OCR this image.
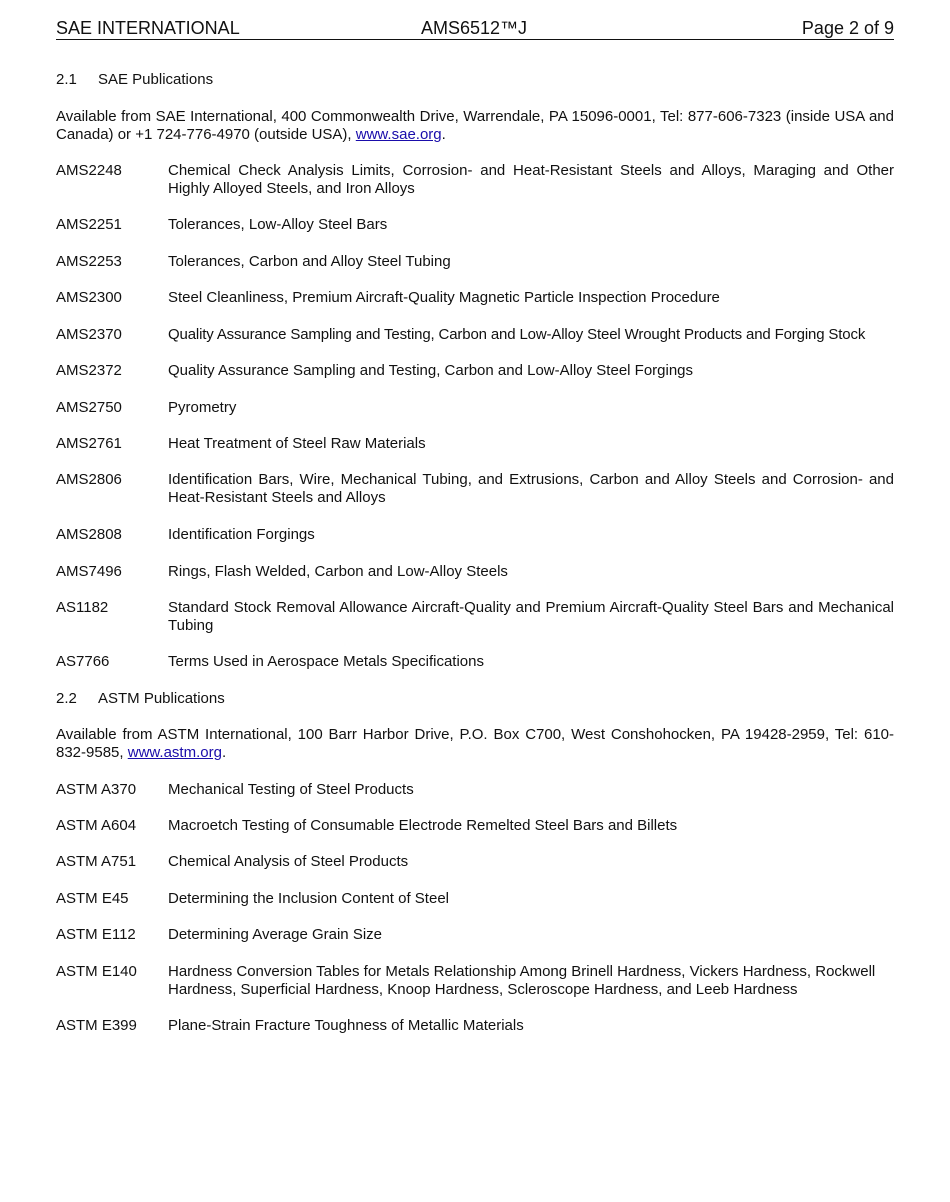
SAE INTERNATIONAL	AMS6512™J	Page 2 of 9
2.1 SAE Publications
Available from SAE International, 400 Commonwealth Drive, Warrendale, PA 15096-0001, Tel: 877-606-7323 (inside USA and Canada) or +1 724-776-4970 (outside USA), www.sae.org.
AMS2248	Chemical Check Analysis Limits, Corrosion- and Heat-Resistant Steels and Alloys, Maraging and Other Highly Alloyed Steels, and Iron Alloys
AMS2251	Tolerances, Low-Alloy Steel Bars
AMS2253	Tolerances, Carbon and Alloy Steel Tubing
AMS2300	Steel Cleanliness, Premium Aircraft-Quality Magnetic Particle Inspection Procedure
AMS2370	Quality Assurance Sampling and Testing, Carbon and Low-Alloy Steel Wrought Products and Forging Stock
AMS2372	Quality Assurance Sampling and Testing, Carbon and Low-Alloy Steel Forgings
AMS2750	Pyrometry
AMS2761	Heat Treatment of Steel Raw Materials
AMS2806	Identification Bars, Wire, Mechanical Tubing, and Extrusions, Carbon and Alloy Steels and Corrosion- and Heat-Resistant Steels and Alloys
AMS2808	Identification Forgings
AMS7496	Rings, Flash Welded, Carbon and Low-Alloy Steels
AS1182	Standard Stock Removal Allowance Aircraft-Quality and Premium Aircraft-Quality Steel Bars and Mechanical Tubing
AS7766	Terms Used in Aerospace Metals Specifications
2.2 ASTM Publications
Available from ASTM International, 100 Barr Harbor Drive, P.O. Box C700, West Conshohocken, PA 19428-2959, Tel: 610-832-9585, www.astm.org.
ASTM A370	Mechanical Testing of Steel Products
ASTM A604	Macroetch Testing of Consumable Electrode Remelted Steel Bars and Billets
ASTM A751	Chemical Analysis of Steel Products
ASTM E45	Determining the Inclusion Content of Steel
ASTM E112	Determining Average Grain Size
ASTM E140	Hardness Conversion Tables for Metals Relationship Among Brinell Hardness, Vickers Hardness, Rockwell Hardness, Superficial Hardness, Knoop Hardness, Scleroscope Hardness, and Leeb Hardness
ASTM E399	Plane-Strain Fracture Toughness of Metallic Materials
